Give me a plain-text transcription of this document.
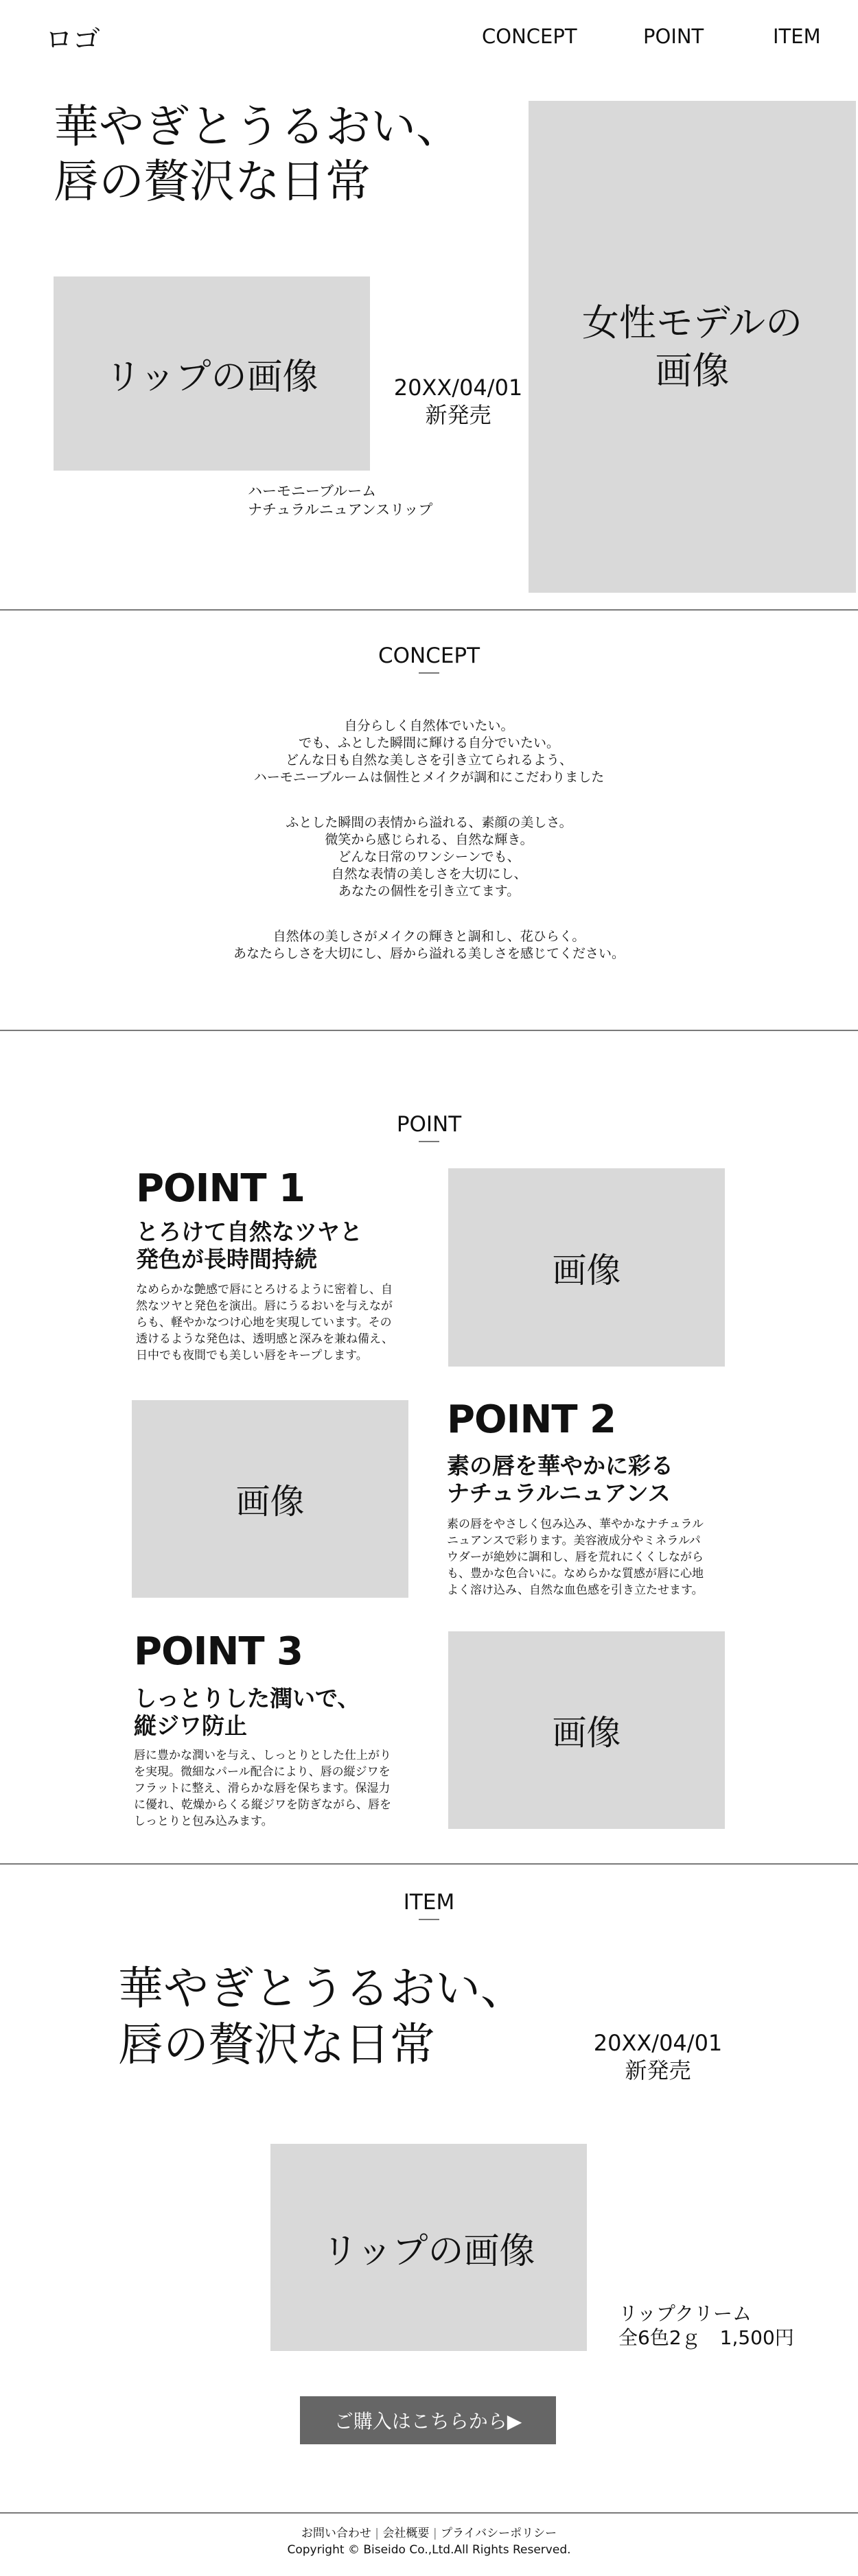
ロゴ	CONCEPT	POINT	ITEM
華やぎとうるおい、
唇の贅沢な日常
リップの画像	20XX/04/01
新発売
ハーモニーブルーム
ナチュラルニュアンスリップ
女性モデルの
画像
CONCEPT
自分らしく自然体でいたい。
でも、ふとした瞬間に輝ける自分でいたい。
どんな日も自然な美しさを引き立てられるよう、
ハーモニーブルームは個性とメイクが調和にこだわりました
ふとした瞬間の表情から溢れる、素顔の美しさ。
微笑から感じられる、自然な輝き。
どんな日常のワンシーンでも、
自然な表情の美しさを大切にし、
あなたの個性を引き立てます。
自然体の美しさがメイクの輝きと調和し、花ひらく。
あなたらしさを大切にし、唇から溢れる美しさを感じてください。
POINT
POINT 1
とろけて自然なツヤと
発色が長時間持続
なめらかな艶感で唇にとろけるように密着し、自
然なツヤと発色を演出。唇にうるおいを与えなが
らも、軽やかなつけ心地を実現しています。その
透けるような発色は、透明感と深みを兼ね備え、
日中でも夜間でも美しい唇をキープします。
画像
画像
POINT 2
素の唇を華やかに彩る
ナチュラルニュアンス
素の唇をやさしく包み込み、華やかなナチュラル
ニュアンスで彩ります。美容液成分やミネラルパ
ウダーが絶妙に調和し、唇を荒れにくくしながら
も、豊かな色合いに。なめらかな質感が唇に心地
よく溶け込み、自然な血色感を引き立たせます。
POINT 3
しっとりした潤いで、
縦ジワ防止
唇に豊かな潤いを与え、しっとりとした仕上がり
を実現。微細なパール配合により、唇の縦ジワを
フラットに整え、滑らかな唇を保ちます。保湿力
に優れ、乾燥からくる縦ジワを防ぎながら、唇を
しっとりと包み込みます。
画像
ITEM
華やぎとうるおい、
唇の贅沢な日常	20XX/04/01
新発売
リップの画像
リップクリーム
全6色2ｇ　1,500円
ご購入はこちらから▶
お問い合わせ | 会社概要 | プライバシーポリシー
Copyright © Biseido Co.,Ltd.All Rights Reserved.
